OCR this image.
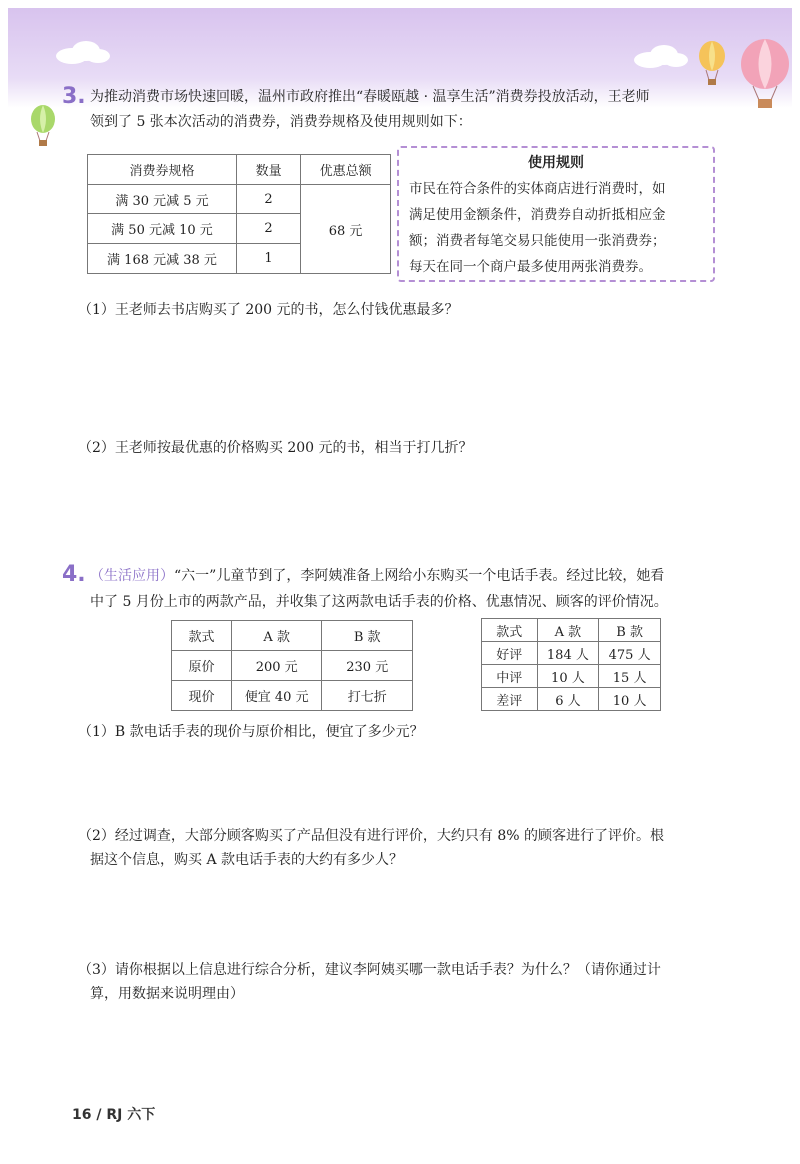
3. 为推动消费市场快速回暖，温州市政府推出“春暖瓯越 · 温享生活”消费券投放活动，王老师
领到了 5 张本次活动的消费券，消费券规格及使用规则如下：
消费券规格	数量	优惠总额
满 30 元减 5 元	2	68 元
满 50 元减 10 元	2	
满 168 元减 38 元	1	
使用规则
市民在符合条件的实体商店进行消费时，如
满足使用金额条件，消费券自动折抵相应金
额；消费者每笔交易只能使用一张消费券；
每天在同一个商户最多使用两张消费券。
（1）王老师去书店购买了 200 元的书，怎么付钱优惠最多？
（2）王老师按最优惠的价格购买 200 元的书，相当于打几折？
4. （生活应用）“六一”儿童节到了，李阿姨准备上网给小东购买一个电话手表。经过比较，她看
中了 5 月份上市的两款产品，并收集了这两款电话手表的价格、优惠情况、顾客的评价情况。
款式	A 款	B 款
原价	200 元	230 元
现价	便宜 40 元	打七折
款式	A 款	B 款
好评	184 人	475 人
中评	10 人	15 人
差评	6 人	10 人
（1）B 款电话手表的现价与原价相比，便宜了多少元？
（2）经过调查，大部分顾客购买了产品但没有进行评价，大约只有 8% 的顾客进行了评价。根
据这个信息，购买 A 款电话手表的大约有多少人？
（3）请你根据以上信息进行综合分析，建议李阿姨买哪一款电话手表？为什么？（请你通过计
算，用数据来说明理由）
16 / RJ 六下
